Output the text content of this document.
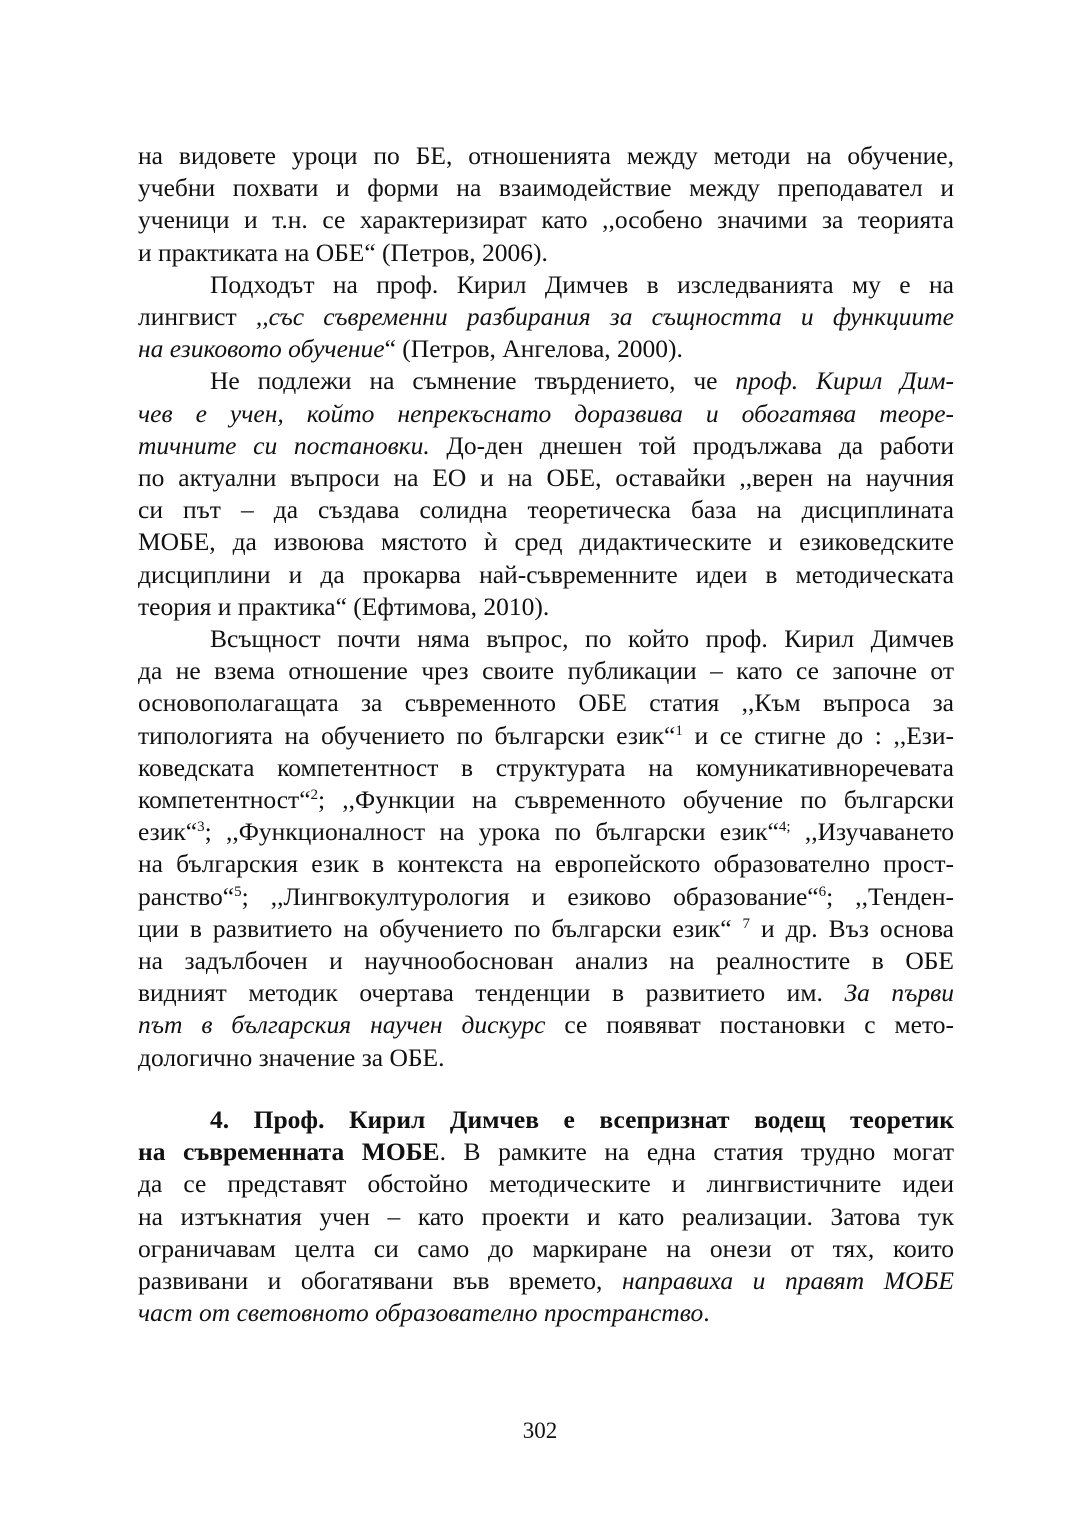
на видовете уроци по БЕ, отношенията между методи на обучение,
учебни похвати и форми на взаимодействие между преподавател и
ученици и т.н. се характеризират като ,,особено значими за теорията
и практиката на ОБЕ“ (Петров, 2006).
Подходът на проф. Кирил Димчев в изследванията му е на
лингвист ,,със съвременни разбирания за същността и функциите
на езиковото обучение“ (Петров, Ангелова, 2000).
Не подлежи на съмнение твърдението, че проф. Кирил Дим-
чев е учен, който непрекъснато доразвива и обогатява теоре-
тичните си постановки. До-ден днешен той продължава да работи
по актуални въпроси на ЕО и на ОБЕ, оставайки ,,верен на научния
си път – да създава солидна теоретическа база на дисциплината
МОБЕ, да извоюва мястото ѝ сред дидактическите и езиковедските
дисциплини и да прокарва най-съвременните идеи в методическата
теория и практика“ (Ефтимова, 2010).
Всъщност почти няма въпрос, по който проф. Кирил Димчев
да не взема отношение чрез своите публикации – като се започне от
основополагащата за съвременното ОБЕ статия ,,Към въпроса за
типологията на обучението по български език“$^1$ и се стигне до : ,,Ези-
коведската компетентност в структурата на комуникативноречевата
компетентност“$^2$; ,,Функции на съвременното обучение по български
език“$^3$; ,,Функционалност на урока по български език“$^{4;}$ ,,Изучаването
на българския език в контекста на европейското образователно прост-
ранство“$^5$; ,,Лингвокултурология и езиково образование“$^6$; ,,Тенден-
ции в развитието на обучението по български език“ $^7$ и др. Въз основа
на задълбочен и научнообоснован анализ на реалностите в ОБЕ
видният методик очертава тенденции в развитието им. За първи
път в българския научен дискурс се появяват постановки с мето-
дологично значение за ОБЕ.
4. Проф. Кирил Димчев е всепризнат водещ теоретик
на съвременната МОБЕ. В рамките на една статия трудно могат
да се представят обстойно методическите и лингвистичните идеи
на изтъкнатия учен – като проекти и като реализации. Затова тук
ограничавам целта си само до маркиране на онези от тях, които
развивани и обогатявани във времето, направиха и правят МОБЕ
част от световното образователно пространство.
302
